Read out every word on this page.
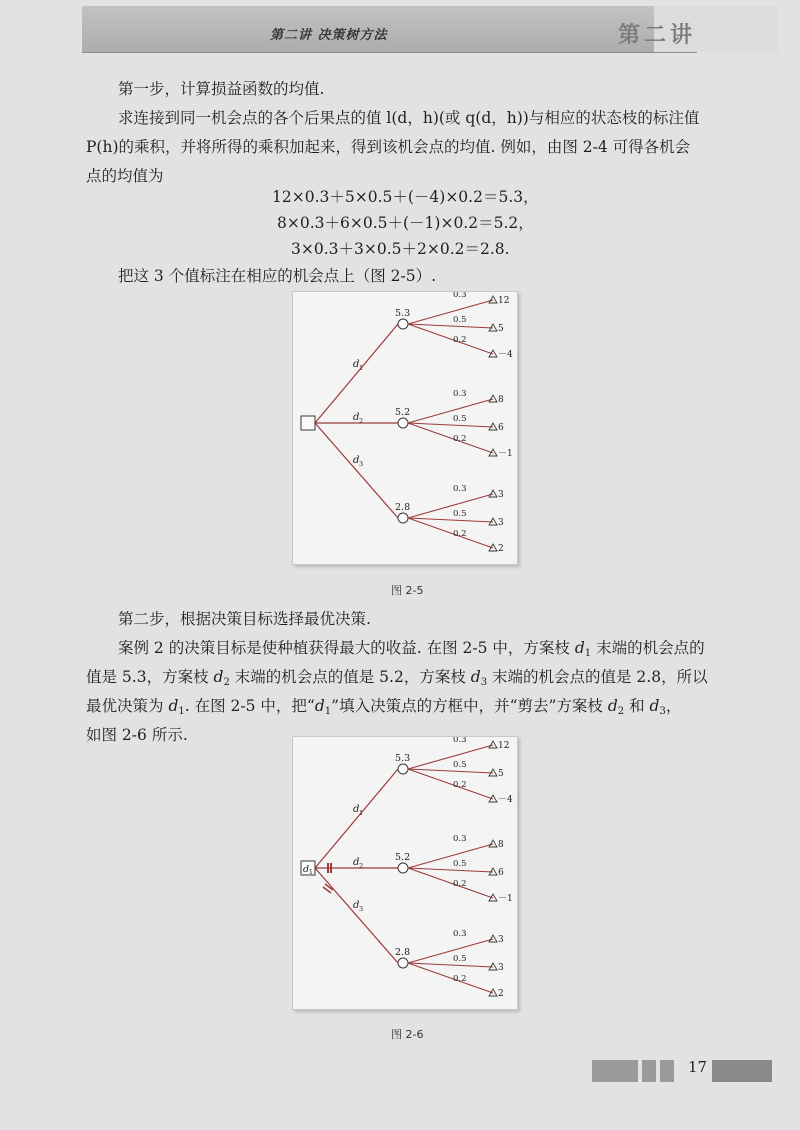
第二讲 决策树方法	第二讲

第一步，计算损益函数的均值.

求连接到同一机会点的各个后果点的值 l(d，h)(或 q(d，h))与相应的状态枝的标注值

P(h)的乘积，并将所得的乘积加起来，得到该机会点的均值. 例如，由图 2-4 可得各机会

点的均值为

12×0.3＋5×0.5＋(－4)×0.2＝5.3，

8×0.3＋6×0.5＋(－1)×0.2＝5.2，

3×0.3＋3×0.5＋2×0.2＝2.8.

把这 3 个值标注在相应的机会点上（图 2-5）.

d 1
5.3
0.3
12
0.5
5
0.2
－4
d 2
5.2
0.3
8
0.5
6
0.2
－1
d 3
2.8
0.3
3
0.5
3
0.2
2
图 2-5

第二步，根据决策目标选择最优决策.

案例 2 的决策目标是使种植获得最大的收益. 在图 2-5 中，方案枝 $d_1$ 末端的机会点的

值是 5.3，方案枝 $d_2$ 末端的机会点的值是 5.2，方案枝 $d_3$ 末端的机会点的值是 2.8，所以

最优决策为 $d_1$. 在图 2-5 中，把“$d_1$”填入决策点的方框中，并“剪去”方案枝 $d_2$ 和 $d_3$，

如图 2-6 所示.

d 1
5.3
0.3
12
0.5
5
0.2
－4
d 2
5.2
0.3
8
0.5
6
0.2
－1
d 3
2.8
0.3
3
0.5
3
0.2
2
d 1
图 2-6
17
